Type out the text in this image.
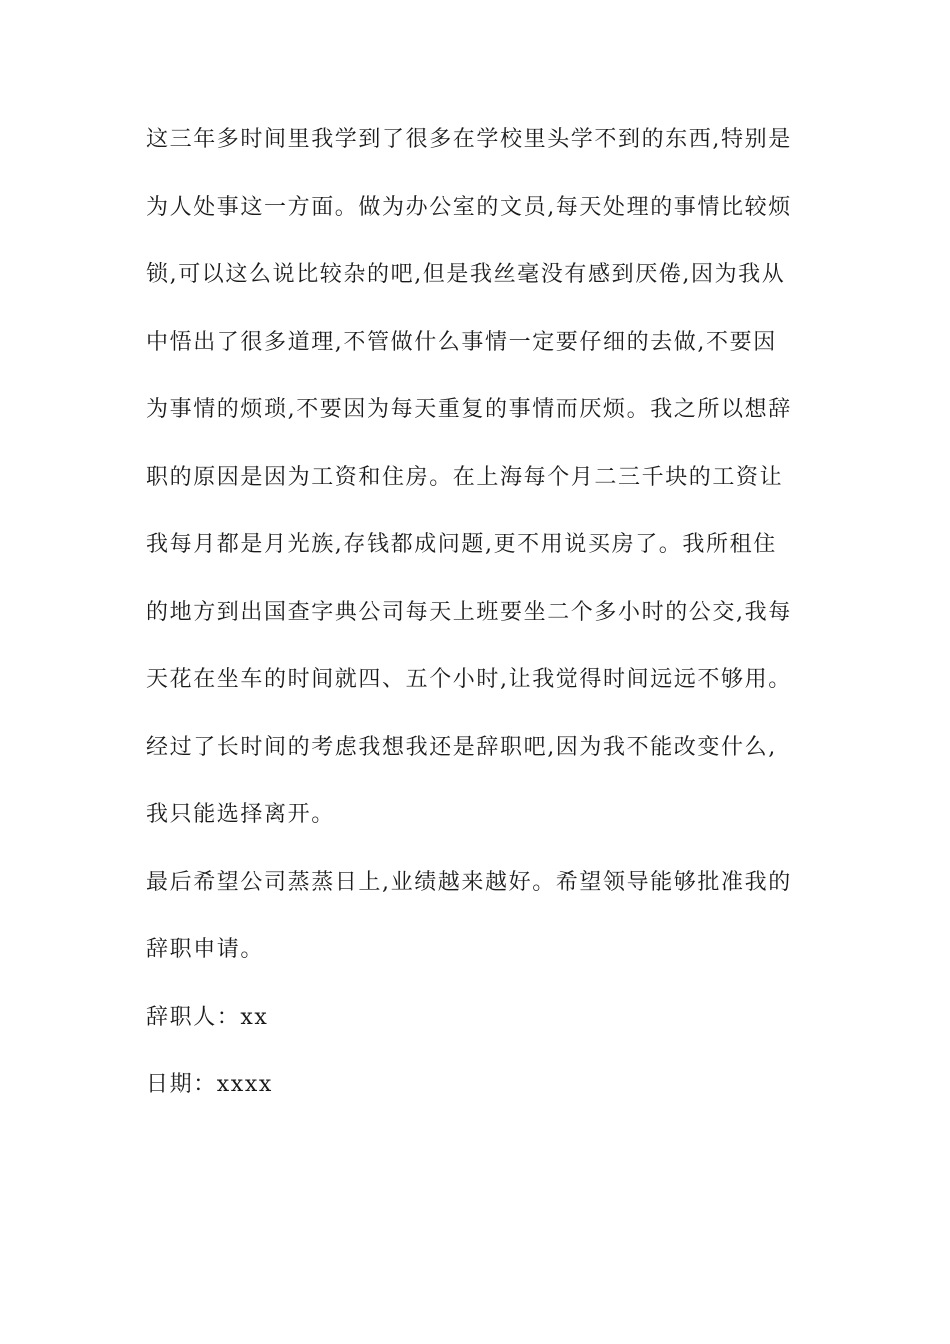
这三年多时间里我学到了很多在学校里头学不到的东西,特别是
为人处事这一方面。做为办公室的文员,每天处理的事情比较烦
锁,可以这么说比较杂的吧,但是我丝毫没有感到厌倦,因为我从
中悟出了很多道理,不管做什么事情一定要仔细的去做,不要因
为事情的烦琐,不要因为每天重复的事情而厌烦。我之所以想辞
职的原因是因为工资和住房。在上海每个月二三千块的工资让
我每月都是月光族,存钱都成问题,更不用说买房了。我所租住
的地方到出国查字典公司每天上班要坐二个多小时的公交,我每
天花在坐车的时间就四、五个小时,让我觉得时间远远不够用。
经过了长时间的考虑我想我还是辞职吧,因为我不能改变什么,
我只能选择离开。
最后希望公司蒸蒸日上,业绩越来越好。希望领导能够批准我的
辞职申请。
辞职人：xx
日期：xxxx
